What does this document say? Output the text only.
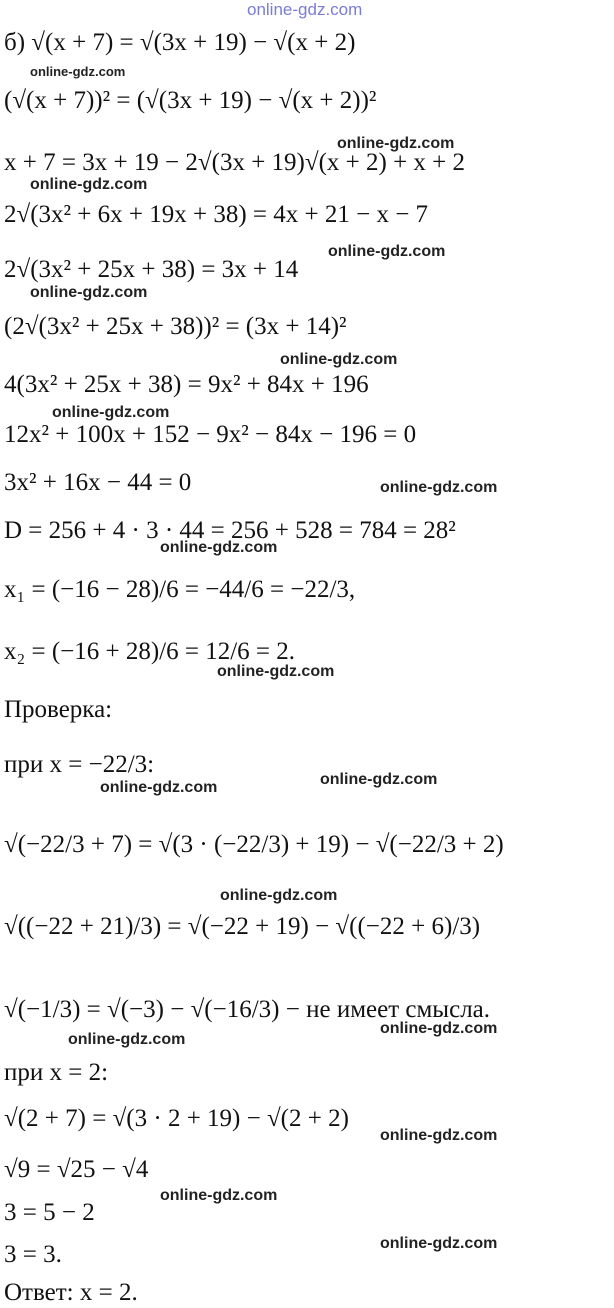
б) √(x + 7) = √(3x + 19) − √(x + 2)
(√(x + 7))² = (√(3x + 19) − √(x + 2))²
x + 7 = 3x + 19 − 2√(3x + 19)√(x + 2) + x + 2
2√(3x² + 6x + 19x + 38) = 4x + 21 − x − 7
2√(3x² + 25x + 38) = 3x + 14
(2√(3x² + 25x + 38))² = (3x + 14)²
4(3x² + 25x + 38) = 9x² + 84x + 196
12x² + 100x + 152 − 9x² − 84x − 196 = 0
3x² + 16x − 44 = 0
D = 256 + 4 · 3 · 44 = 256 + 528 = 784 = 28²
x₁ = (−16 − 28)/6 = −44/6 = −22/3,
x₂ = (−16 + 28)/6 = 12/6 = 2.
Проверка:
при x = −22/3:
√(−22/3 + 7) = √(3 · (−22/3) + 19) − √(−22/3 + 2)
√((−22 + 21)/3) = √(−22 + 19) − √((−22 + 6)/3)
√(−1/3) = √(−3) − √(−16/3) − не имеет смысла.
при x = 2:
√(2 + 7) = √(3 · 2 + 19) − √(2 + 2)
√9 = √25 − √4
3 = 5 − 2
3 = 3.
Ответ: x = 2.
online-gdz.com
online-gdz.com
online-gdz.com
online-gdz.com
online-gdz.com
online-gdz.com
online-gdz.com
online-gdz.com
online-gdz.com
online-gdz.com
online-gdz.com
online-gdz.com
online-gdz.com
online-gdz.com
online-gdz.com
online-gdz.com
online-gdz.com
online-gdz.com
online-gdz.com
